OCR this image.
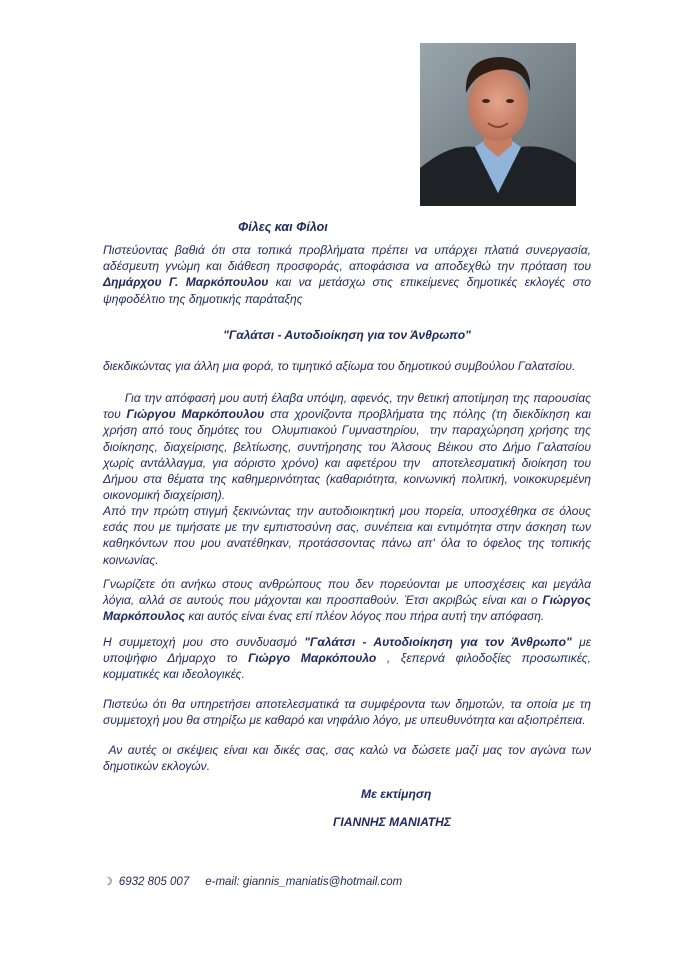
Φίλες και Φίλοι
Πιστεύοντας βαθιά ότι στα τοπικά προβλήματα πρέπει να υπάρχει πλατιά συνεργασία, αδέσμευτη γνώμη και διάθεση προσφοράς, αποφάσισα να αποδεχθώ την πρόταση του Δημάρχου Γ. Μαρκόπουλου και να μετάσχω στις επικείμενες δημοτικές εκλογές στο ψηφοδέλτιο της δημοτικής παράταξης
"Γαλάτσι - Αυτοδιοίκηση για τον Άνθρωπο"
διεκδικώντας για άλλη μια φορά, το τιμητικό αξίωμα του δημοτικού συμβούλου Γαλατσίου.
Για την απόφασή μου αυτή έλαβα υπόψη, αφενός, την θετική αποτίμηση της παρουσίας του Γιώργου Μαρκόπουλου στα χρονίζοντα προβλήματα της πόλης (τη διεκδίκηση και χρήση από τους δημότες του  Ολυμπιακού Γυμναστηρίου,  την παραχώρηση χρήσης της διοίκησης, διαχείρισης, βελτίωσης, συντήρησης του Άλσους Βέικου στο Δήμο Γαλατσίου χωρίς αντάλλαγμα, για αόριστο χρόνο) και αφετέρου την  αποτελεσματική διοίκηση του Δήμου στα θέματα της καθημερινότητας (καθαριότητα, κοινωνική πολιτική, νοικοκυρεμένη οικονομική διαχείριση).
Από την πρώτη στιγμή ξεκινώντας την αυτοδιοικητική μου πορεία, υποσχέθηκα σε όλους εσάς που με τιμήσατε με την εμπιστοσύνη σας, συνέπεια και εντιμότητα στην άσκηση των καθηκόντων που μου ανατέθηκαν, προτάσσοντας πάνω απ' όλα το όφελος της τοπικής κοινωνίας.
Γνωρίζετε ότι ανήκω στους ανθρώπους που δεν πορεύονται με υποσχέσεις και μεγάλα λόγια, αλλά σε αυτούς που μάχονται και προσπαθούν. Έτσι ακριβώς είναι και ο Γιώργος Μαρκόπουλος και αυτός είναι ένας επί πλέον λόγος που πήρα αυτή την απόφαση.
Η συμμετοχή μου στο συνδυασμό "Γαλάτσι - Αυτοδιοίκηση για τον Άνθρωπο" με υποψήφιο Δήμαρχο το Γιώργο Μαρκόπουλο , ξεπερνά φιλοδοξίες προσωπικές, κομματικές και ιδεολογικές.
Πιστεύω ότι θα υπηρετήσει αποτελεσματικά τα συμφέροντα των δημοτών, τα οποία με τη συμμετοχή μου θα στηρίξω με καθαρό και νηφάλιο λόγο, με υπευθυνότητα και αξιοπρέπεια.
Αν αυτές οι σκέψεις είναι και δικές σας, σας καλώ να δώσετε μαζί μας τον αγώνα των δημοτικών εκλογών.
Με εκτίμηση
ΓΙΑΝΝΗΣ ΜΑΝΙΑΤΗΣ
☽ 6932 805 007 e-mail: giannis_maniatis@hotmail.com
